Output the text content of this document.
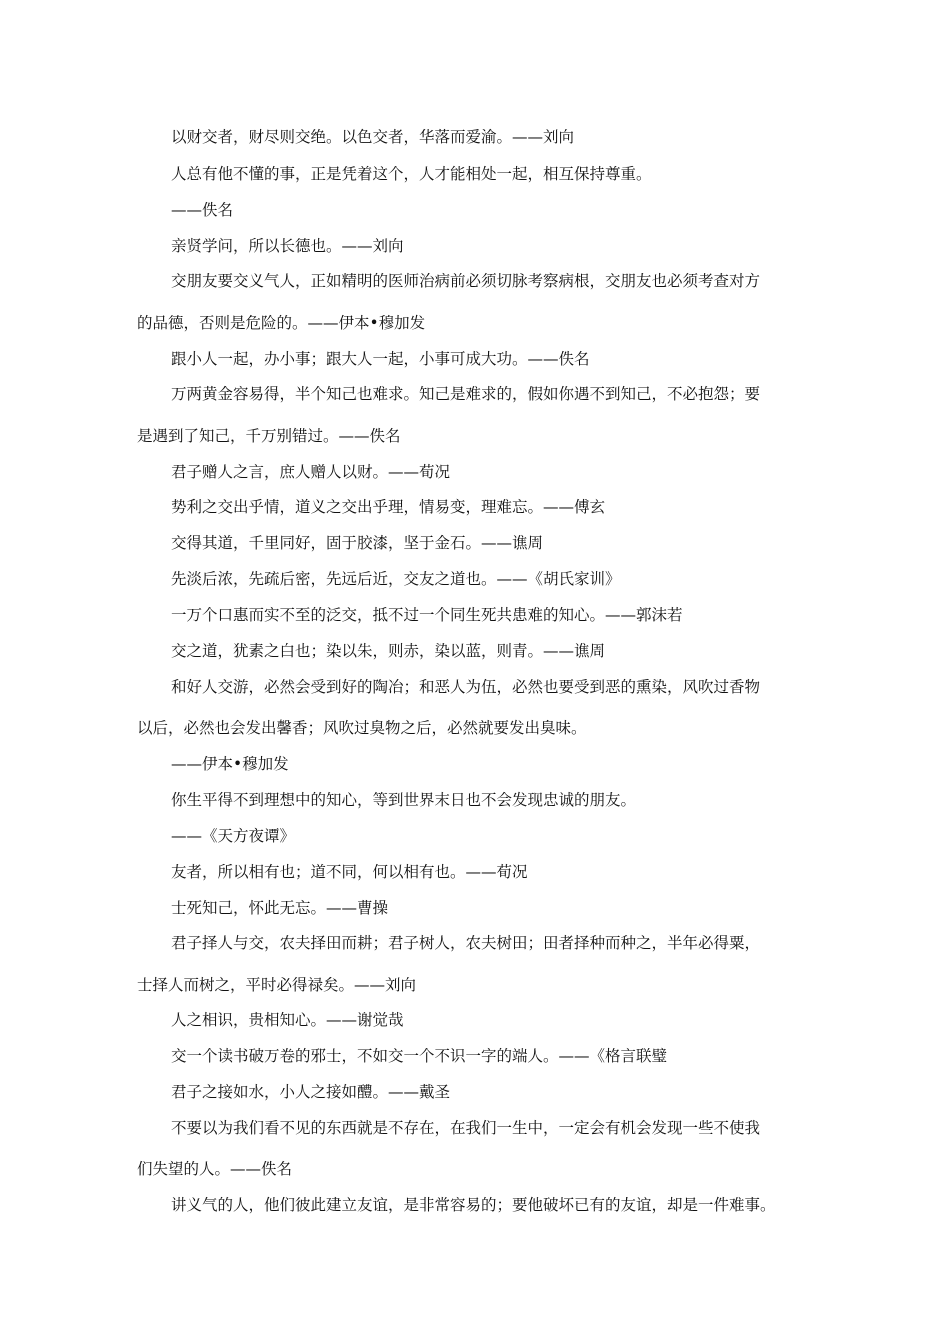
以财交者，财尽则交绝。以色交者，华落而爱渝。——刘向
人总有他不懂的事，正是凭着这个，人才能相处一起，相互保持尊重。
——佚名
亲贤学问，所以长德也。——刘向
交朋友要交义气人，正如精明的医师治病前必须切脉考察病根，交朋友也必须考查对方
的品德，否则是危险的。——伊本•穆加发
跟小人一起，办小事；跟大人一起，小事可成大功。——佚名
万两黄金容易得，半个知己也难求。知己是难求的，假如你遇不到知己，不必抱怨；要
是遇到了知己，千万别错过。——佚名
君子赠人之言，庶人赠人以财。——荀况
势利之交出乎情，道义之交出乎理，情易变，理难忘。——傅玄
交得其道，千里同好，固于胶漆，坚于金石。——谯周
先淡后浓，先疏后密，先远后近，交友之道也。——《胡氏家训》
一万个口惠而实不至的泛交，抵不过一个同生死共患难的知心。——郭沫若
交之道，犹素之白也；染以朱，则赤，染以蓝，则青。——谯周
和好人交游，必然会受到好的陶冶；和恶人为伍，必然也要受到恶的熏染，风吹过香物
以后，必然也会发出馨香；风吹过臭物之后，必然就要发出臭味。
——伊本•穆加发
你生平得不到理想中的知心，等到世界末日也不会发现忠诚的朋友。
——《天方夜谭》
友者，所以相有也；道不同，何以相有也。——荀况
士死知己，怀此无忘。——曹操
君子择人与交，农夫择田而耕；君子树人，农夫树田；田者择种而种之，半年必得粟，
士择人而树之，平时必得禄矣。——刘向
人之相识，贵相知心。——谢觉哉
交一个读书破万卷的邪士，不如交一个不识一字的端人。——《格言联璧
君子之接如水，小人之接如醴。——戴圣
不要以为我们看不见的东西就是不存在，在我们一生中，一定会有机会发现一些不使我
们失望的人。——佚名
讲义气的人，他们彼此建立友谊，是非常容易的；要他破坏已有的友谊，却是一件难事。
